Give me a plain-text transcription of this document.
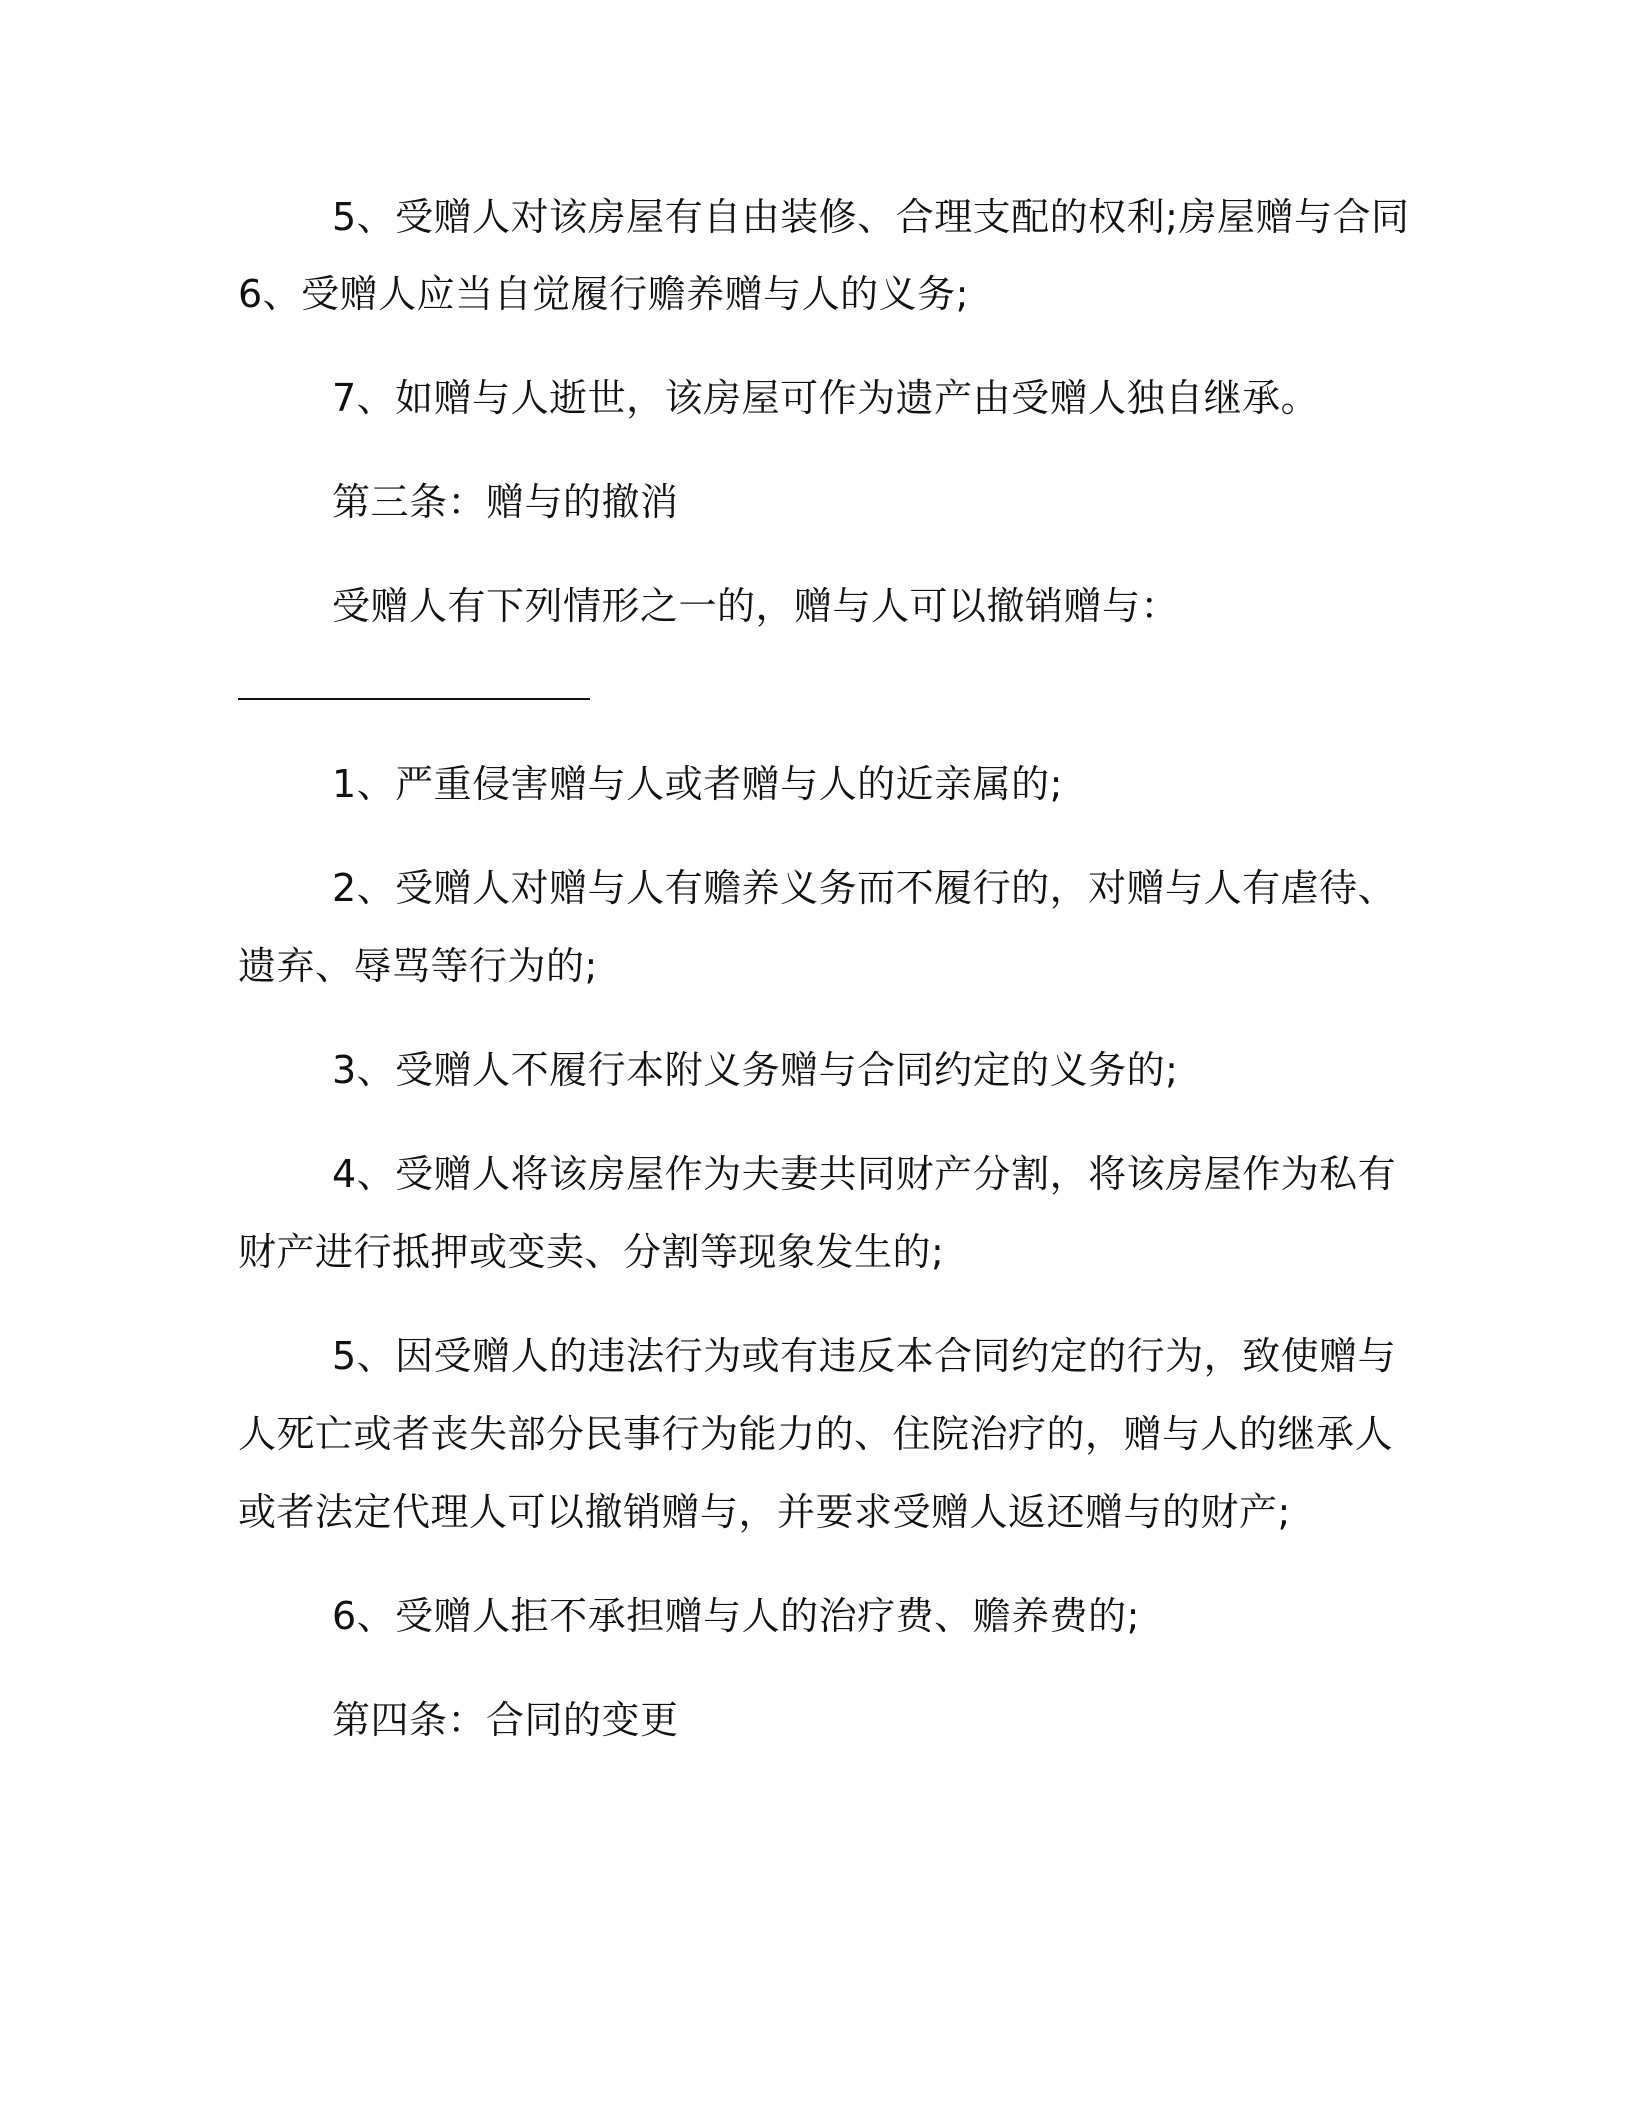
5、受赠人对该房屋有自由装修、合理支配的权利;房屋赠与合同
6、受赠人应当自觉履行赡养赠与人的义务;
7、如赠与人逝世，该房屋可作为遗产由受赠人独自继承。
第三条：赠与的撤消
受赠人有下列情形之一的，赠与人可以撤销赠与：
1、严重侵害赠与人或者赠与人的近亲属的;
2、受赠人对赠与人有赡养义务而不履行的，对赠与人有虐待、
遗弃、辱骂等行为的;
3、受赠人不履行本附义务赠与合同约定的义务的;
4、受赠人将该房屋作为夫妻共同财产分割，将该房屋作为私有
财产进行抵押或变卖、分割等现象发生的;
5、因受赠人的违法行为或有违反本合同约定的行为，致使赠与
人死亡或者丧失部分民事行为能力的、住院治疗的，赠与人的继承人
或者法定代理人可以撤销赠与，并要求受赠人返还赠与的财产;
6、受赠人拒不承担赠与人的治疗费、赡养费的;
第四条：合同的变更
